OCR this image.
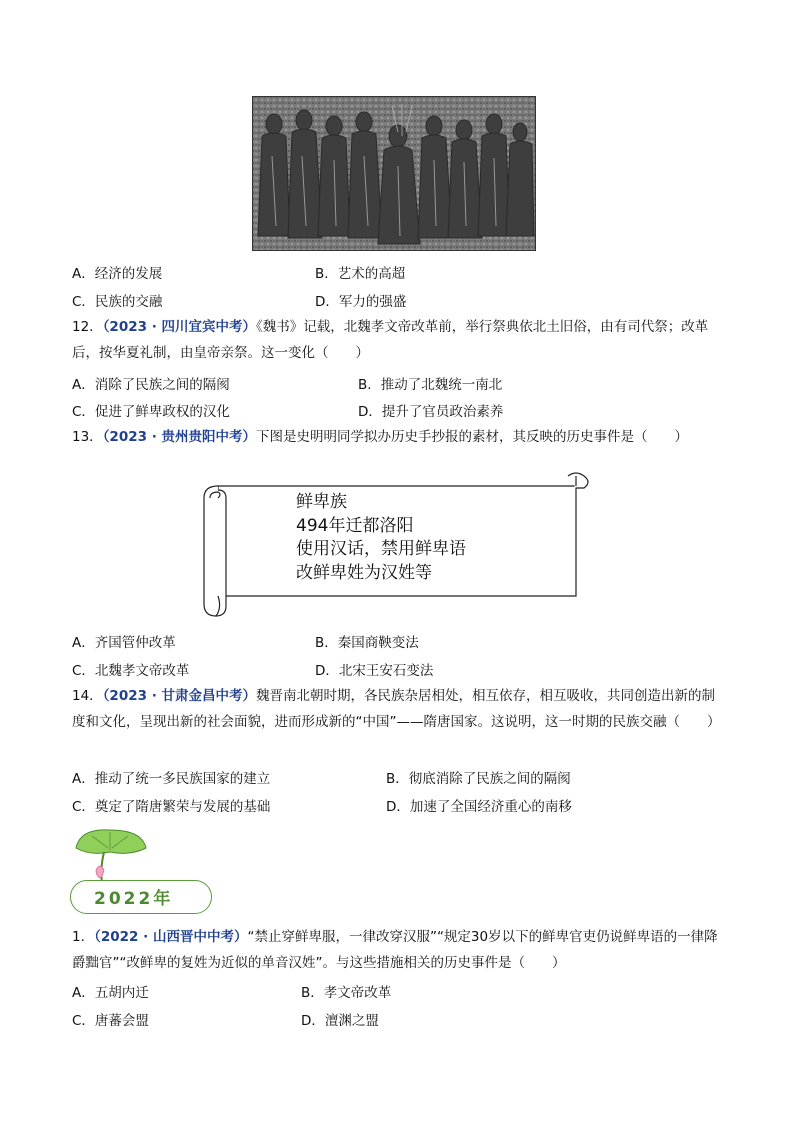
A．经济的发展	B．艺术的高超
C．民族的交融	D．军力的强盛
12．（2023 · 四川宜宾中考）《魏书》记载，北魏孝文帝改革前，举行祭典依北土旧俗，由有司代祭；改革后，按华夏礼制，由皇帝亲祭。这一变化（　　）
A．消除了民族之间的隔阂	B．推动了北魏统一南北
C．促进了鲜卑政权的汉化	D．提升了官员政治素养
13．（2023 · 贵州贵阳中考）下图是史明明同学拟办历史手抄报的素材，其反映的历史事件是（　　）
鲜卑族
494年迁都洛阳
使用汉话，禁用鲜卑语
改鲜卑姓为汉姓等
A．齐国管仲改革	B．秦国商鞅变法
C．北魏孝文帝改革	D．北宋王安石变法
14．（2023 · 甘肃金昌中考）魏晋南北朝时期，各民族杂居相处，相互依存，相互吸收，共同创造出新的制度和文化，呈现出新的社会面貌，进而形成新的“中国”——隋唐国家。这说明，这一时期的民族交融（　　）
A．推动了统一多民族国家的建立	B．彻底消除了民族之间的隔阂
C．奠定了隋唐繁荣与发展的基础	D．加速了全国经济重心的南移
2022年
1．（2022 · 山西晋中中考）“禁止穿鲜卑服，一律改穿汉服”“规定30岁以下的鲜卑官吏仍说鲜卑语的一律降爵黜官”“改鲜卑的复姓为近似的单音汉姓”。与这些措施相关的历史事件是（　　）
A．五胡内迁	B．孝文帝改革
C．唐蕃会盟	D．澶渊之盟
